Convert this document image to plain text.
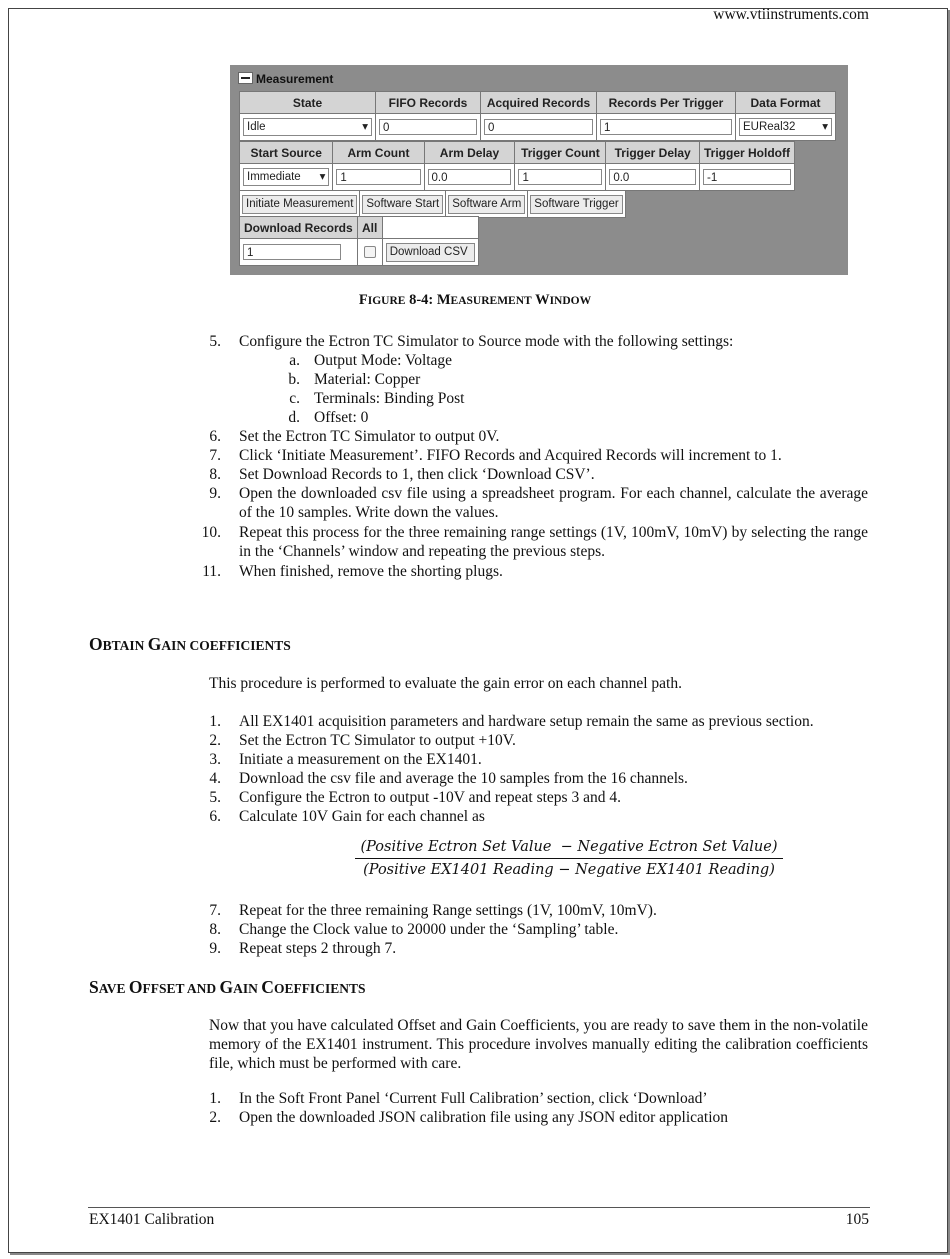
www.vtiinstruments.com
Measurement
State	FIFO Records	Acquired Records	Records Per Trigger	Data Format

Idle ▾	0	0	1	EUReal32 ▾
Start Source	Arm Count	Arm Delay	Trigger Count	Trigger Delay	Trigger Holdoff

Immediate ▾	1	0.0	1	0.0	-1
Initiate Measurement	Software Start	Software Arm	Software Trigger
Download Records	All	

1		Download CSV
FIGURE 8-4: MEASUREMENT WINDOW
5. Configure the Ectron TC Simulator to Source mode with the following settings:
a. Output Mode: Voltage
b. Material: Copper
c. Terminals: Binding Post
d. Offset: 0
6. Set the Ectron TC Simulator to output 0V.
7. Click ‘Initiate Measurement’. FIFO Records and Acquired Records will increment to 1.
8. Set Download Records to 1, then click ‘Download CSV’.
9. Open the downloaded csv file using a spreadsheet program. For each channel, calculate the average of the 10 samples. Write down the values.
10. Repeat this process for the three remaining range settings (1V, 100mV, 10mV) by selecting the range in the ‘Channels’ window and repeating the previous steps.
11. When finished, remove the shorting plugs.
OBTAIN GAIN COEFFICIENTS
This procedure is performed to evaluate the gain error on each channel path.
1. All EX1401 acquisition parameters and hardware setup remain the same as previous section.
2. Set the Ectron TC Simulator to output +10V.
3. Initiate a measurement on the EX1401.
4. Download the csv file and average the 10 samples from the 16 channels.
5. Configure the Ectron to output -10V and repeat steps 3 and 4.
6. Calculate 10V Gain for each channel as
(Positive Ectron Set Value  − Negative Ectron Set Value)
(Positive EX1401 Reading − Negative EX1401 Reading)
7. Repeat for the three remaining Range settings (1V, 100mV, 10mV).
8. Change the Clock value to 20000 under the ‘Sampling’ table.
9. Repeat steps 2 through 7.
SAVE OFFSET AND GAIN COEFFICIENTS
Now that you have calculated Offset and Gain Coefficients, you are ready to save them in the non-volatile memory of the EX1401 instrument. This procedure involves manually editing the calibration coefficients file, which must be performed with care.
1. In the Soft Front Panel ‘Current Full Calibration’ section, click ‘Download’
2. Open the downloaded JSON calibration file using any JSON editor application
EX1401 Calibration	105
